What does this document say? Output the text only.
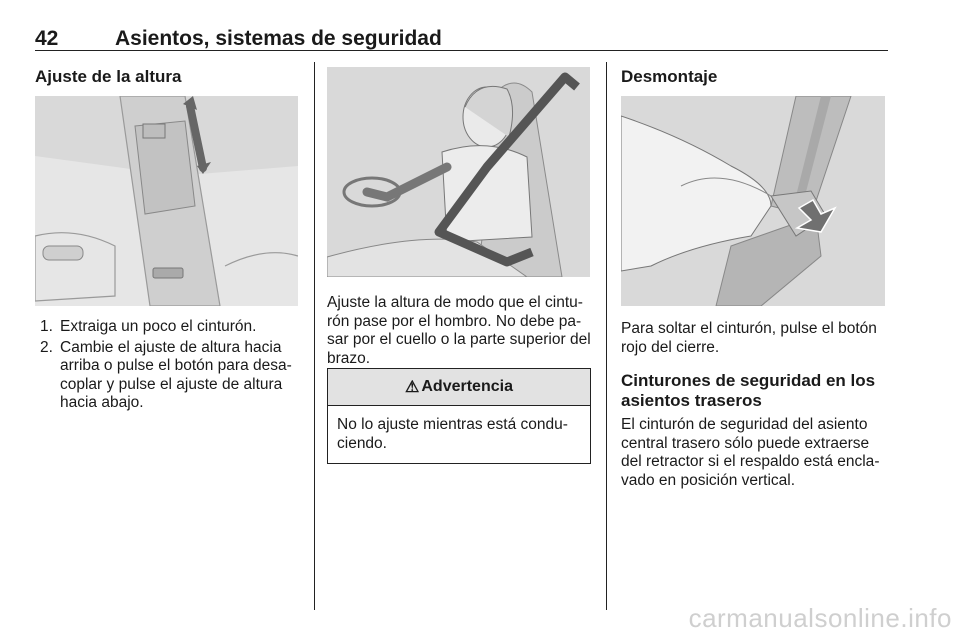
42	Asientos, sistemas de seguridad
Ajuste de la altura
1. Extraiga un poco el cinturón.
2. Cambie el ajuste de altura hacia arriba o pulse el botón para desacoplar y pulse el ajuste de altura hacia abajo.
Ajuste la altura de modo que el cinturón pase por el hombro. No debe pasar por el cuello o la parte superior del brazo.
⚠ Advertencia
No lo ajuste mientras está conduciendo.
Desmontaje
Para soltar el cinturón, pulse el botón rojo del cierre.
Cinturones de seguridad en los asientos traseros
El cinturón de seguridad del asiento central trasero sólo puede extraerse del retractor si el respaldo está enclavado en posición vertical.
carmanualsonline.info
